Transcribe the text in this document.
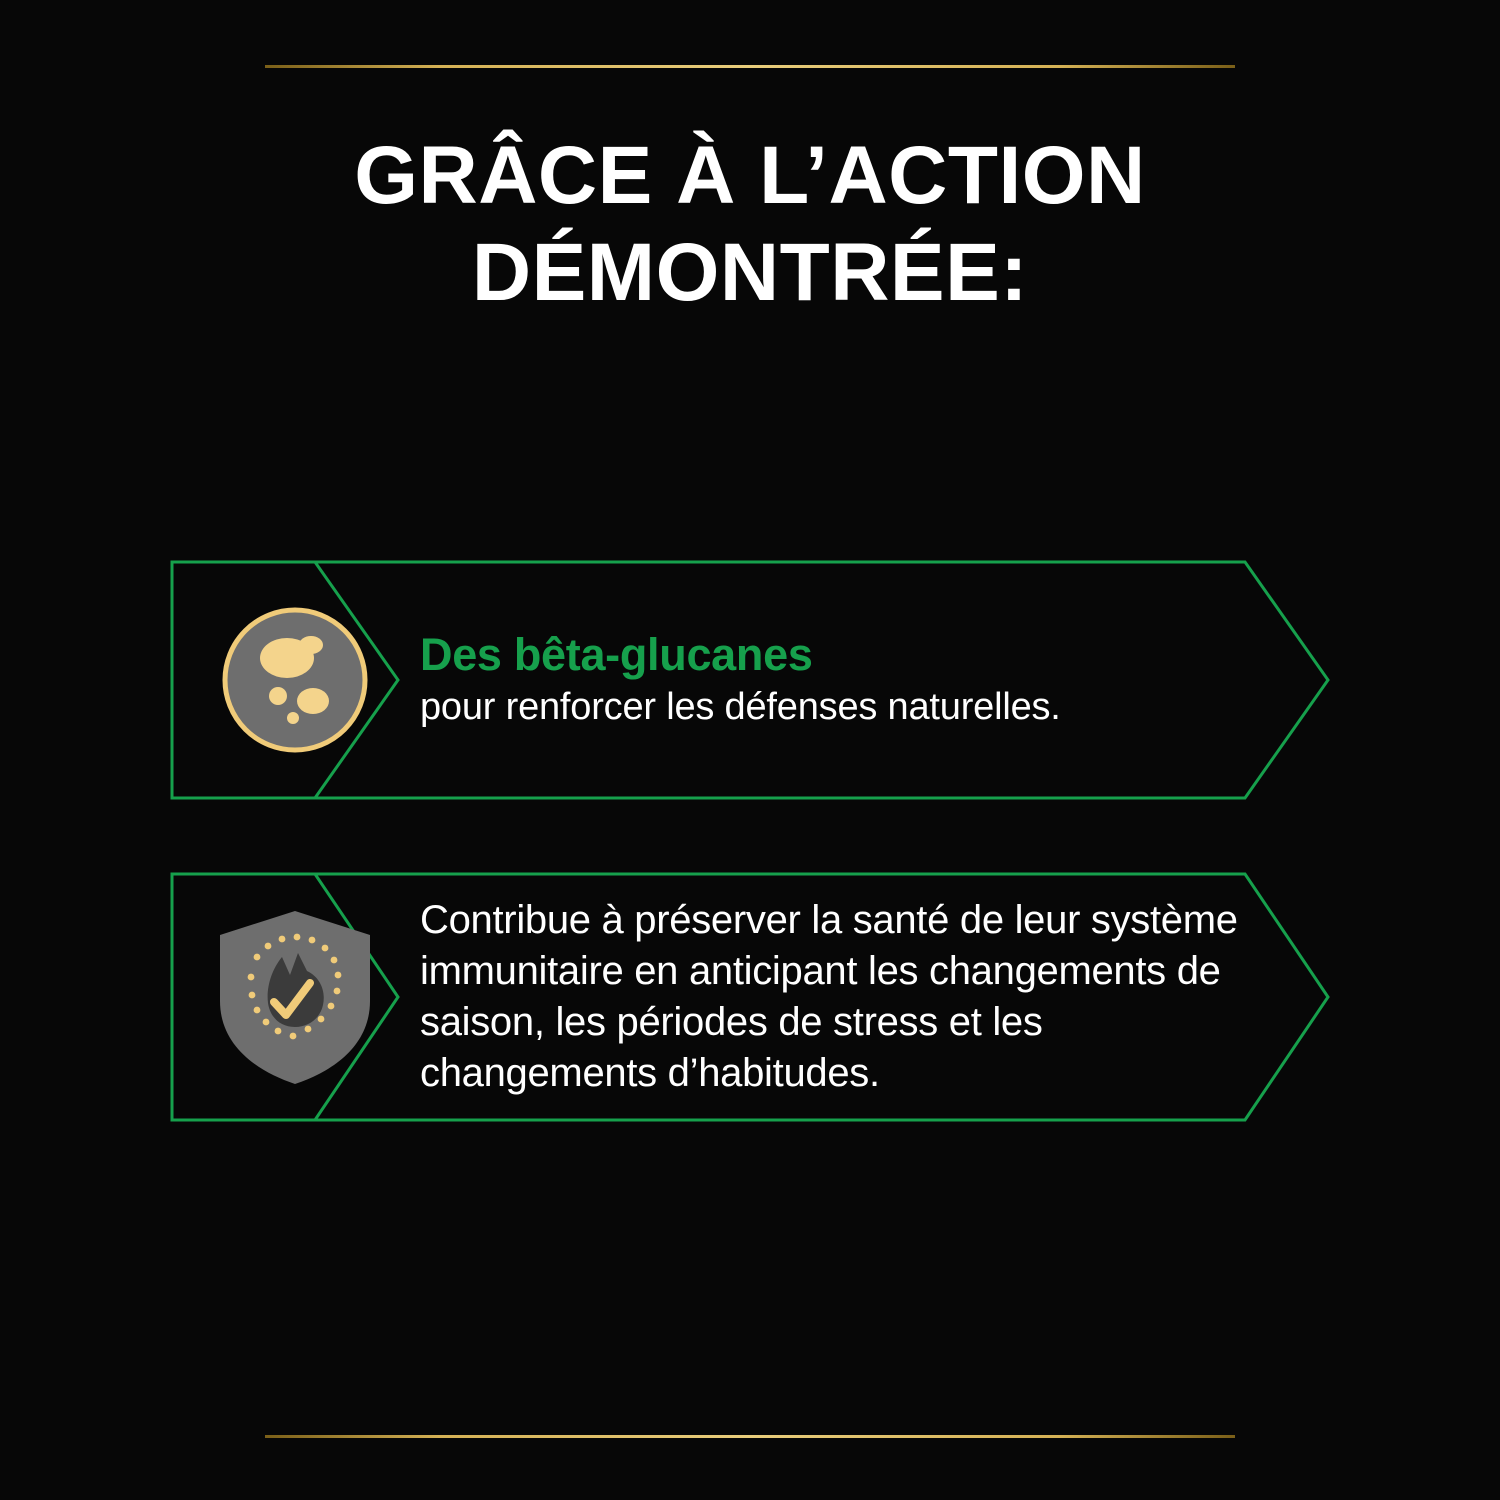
GRÂCE À L’ACTION
DÉMONTRÉE:

Des bêta-glucanes

pour renforcer les défenses naturelles.

Contribue à préserver la santé de leur système immunitaire en anticipant les changements de saison, les périodes de stress et les changements d’habitudes.
